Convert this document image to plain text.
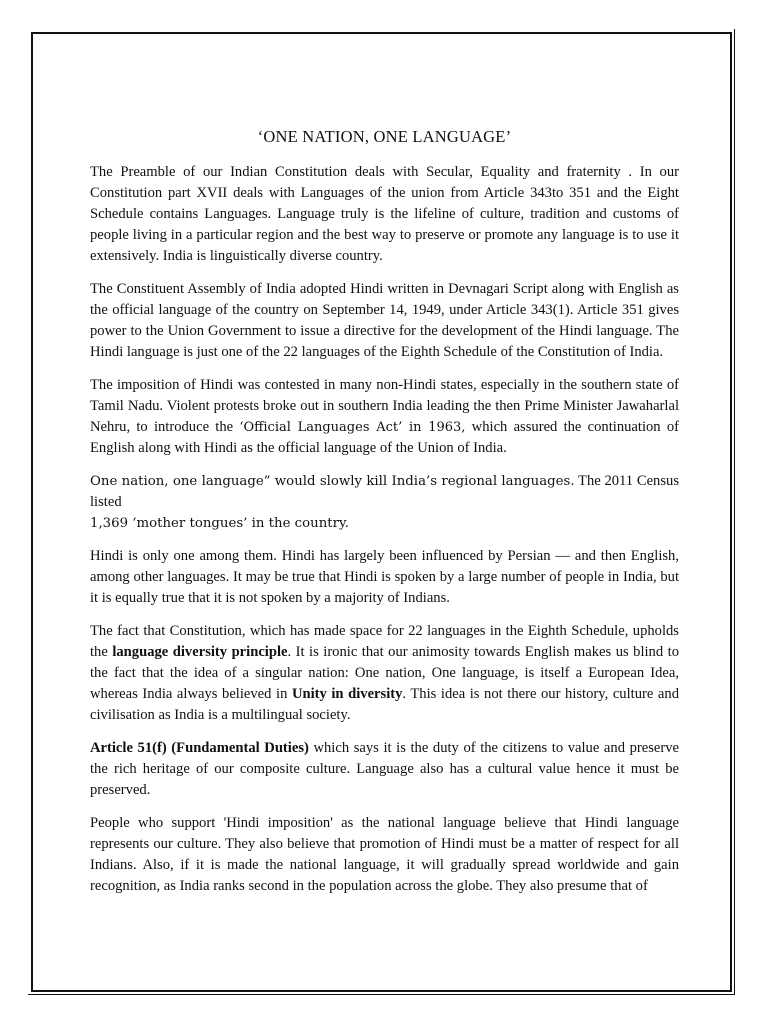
‘ONE NATION, ONE LANGUAGE’

The Preamble of our Indian Constitution deals with Secular, Equality and fraternity . In our Constitution part XVII deals with Languages of the union from Article 343to 351 and the Eight Schedule contains Languages. Language truly is the lifeline of culture, tradition and customs of people living in a particular region and the best way to preserve or promote any language is to use it extensively. India is linguistically diverse country.

The Constituent Assembly of India adopted Hindi written in Devnagari Script along with English as the official language of the country on September 14, 1949, under Article 343(1). Article 351 gives power to the Union Government to issue a directive for the development of the Hindi language. The Hindi language is just one of the 22 languages of the Eighth Schedule of the Constitution of India.

The imposition of Hindi was contested in many non-Hindi states, especially in the southern state of Tamil Nadu. Violent protests broke out in southern India leading the then Prime Minister Jawaharlal Nehru, to introduce the ‘Official Languages Act’ in 1963, which assured the continuation of English along with Hindi as the official language of the Union of India.

One nation, one language” would slowly kill India’s regional languages. The 2011 Census listed
1,369 ‘mother tongues’ in the country.

Hindi is only one among them. Hindi has largely been influenced by Persian — and then English, among other languages. It may be true that Hindi is spoken by a large number of people in India, but it is equally true that it is not spoken by a majority of Indians.

The fact that Constitution, which has made space for 22 languages in the Eighth Schedule, upholds the language diversity principle. It is ironic that our animosity towards English makes us blind to the fact that the idea of a singular nation: One nation, One language, is itself a European Idea, whereas India always believed in Unity in diversity. This idea is not there our history, culture and civilisation as India is a multilingual society.

Article 51(f) (Fundamental Duties) which says it is the duty of the citizens to value and preserve the rich heritage of our composite culture. Language also has a cultural value hence it must be preserved.

People who support 'Hindi imposition' as the national language believe that Hindi language represents our culture. They also believe that promotion of Hindi must be a matter of respect for all Indians. Also, if it is made the national language, it will gradually spread worldwide and gain recognition, as India ranks second in the population across the globe. They also presume that of
